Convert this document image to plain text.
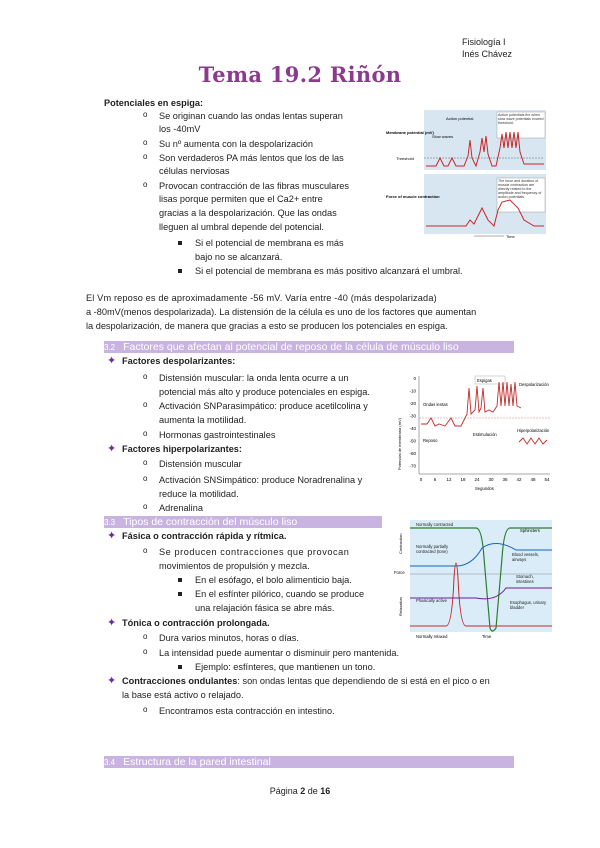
Fisiología I
Inés Chávez
Tema 19.2 Riñón
Potenciales en espiga:
o Se originan cuando las ondas lentas superan
los -40mV
o Su nº aumenta con la despolarización
o Son verdaderos PA más lentos que los de las
células nerviosas
o Provocan contracción de las fibras musculares
lisas porque permiten que el Ca2+ entre
gracias a la despolarización. Que las ondas
lleguen al umbral depende del potencial.
Si el potencial de membrana es más
bajo no se alcanzará.
Si el potencial de membrana es más positivo alcanzará el umbral.
Membrane potential (mV)
Threshold
Force of muscle contraction
Slow waves
Action potential
Action potentials fire when slow wave potentials exceed threshold.
The force and duration of muscle contraction are directly related to the amplitude and frequency of action potentials.
Time
El Vm reposo es de aproximadamente -56 mV. Varía entre -40 (más despolarizada)
a -80mV(menos despolarizada). La distensión de la célula es uno de los factores que aumentan
la despolarización, de manera que gracias a esto se producen los potenciales en espiga.
3.2 Factores que afectan al potencial de reposo de la célula de músculo liso
✦ Factores despolarizantes:
o Distensión muscular: la onda lenta ocurre a un
potencial más alto y produce potenciales en espiga.
o Activación SNParasimpático: produce acetilcolina y
aumenta la motilidad.
o Hormonas gastrointestinales
✦ Factores hiperpolarizantes:
o Distensión muscular
o Activación SNSimpático: produce Noradrenalina y
reduce la motilidad.
o Adrenalina
0
-10
-20
-30
-40
-50
-60
-70
0	6 12 18 24 30 36 42 48 54
Espigas
Despolarización
Ondas lentas
Reposo
Estimulación
Hiperpolarización
Potencial de membrana (mV)
Segundos
3.3 Tipos de contracción del músculo liso
✦ Fásica o contracción rápida y rítmica.
o Se producen contracciones que provocan
movimientos de propulsión y mezcla.
En el esófago, el bolo alimenticio baja.
En el esfínter pilórico, cuando se produce
una relajación fásica se abre más.
✦ Tónica o contracción prolongada.
o Dura varios minutos, horas o días.
o La intensidad puede aumentar o disminuir pero mantenida.
Ejemplo: esfínteres, que mantienen un tono.
✦ Contracciones ondulantes: son ondas lentas que dependiendo de si está en el pico o en
la base está activo o relajado.
o Encontramos esta contracción en intestino.
Force
Contraction
Relaxation
Normally contracted
Normally partially contracted (tone)
Phasically active
Sphincters
Blood vessels, airways
Stomach, intestines
Esophagus, urinary bladder
Normally relaxed	Time
3.4 Estructura de la pared intestinal
Página 2 de 16
